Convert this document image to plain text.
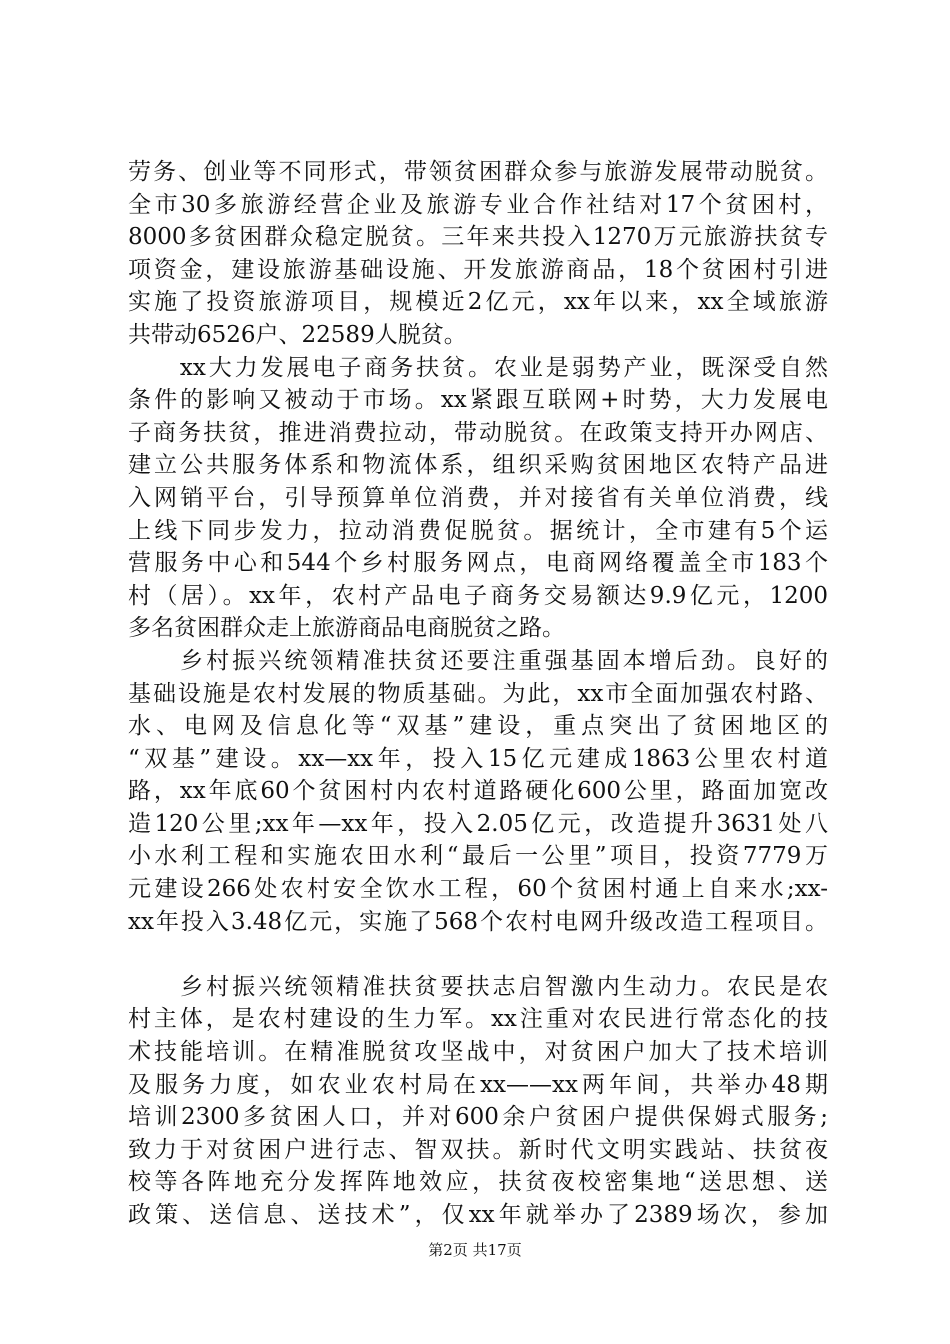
劳务、创业等不同形式，带领贫困群众参与旅游发展带动脱贫。
全市30多旅游经营企业及旅游专业合作社结对17个贫困村，
8000多贫困群众稳定脱贫。三年来共投入1270万元旅游扶贫专
项资金，建设旅游基础设施、开发旅游商品，18个贫困村引进
实施了投资旅游项目，规模近2亿元，xx年以来，xx全域旅游
共带动6526户、22589人脱贫。
　　xx大力发展电子商务扶贫。农业是弱势产业，既深受自然
条件的影响又被动于市场。xx紧跟互联网+时势，大力发展电
子商务扶贫，推进消费拉动，带动脱贫。在政策支持开办网店、
建立公共服务体系和物流体系，组织采购贫困地区农特产品进
入网销平台，引导预算单位消费，并对接省有关单位消费，线
上线下同步发力，拉动消费促脱贫。据统计，全市建有5个运
营服务中心和544个乡村服务网点，电商网络覆盖全市183个
村（居）。xx年，农村产品电子商务交易额达9.9亿元，1200
多名贫困群众走上旅游商品电商脱贫之路。
　　乡村振兴统领精准扶贫还要注重强基固本增后劲。良好的
基础设施是农村发展的物质基础。为此，xx市全面加强农村路、
水、电网及信息化等“双基”建设，重点突出了贫困地区的
“双基”建设。xx—xx年，投入15亿元建成1863公里农村道
路，xx年底60个贫困村内农村道路硬化600公里，路面加宽改
造120公里;xx年—xx年，投入2.05亿元，改造提升3631处八
小水利工程和实施农田水利“最后一公里”项目，投资7779万
元建设266处农村安全饮水工程，60个贫困村通上自来水;xx-
xx年投入3.48亿元，实施了568个农村电网升级改造工程项目。
　　乡村振兴统领精准扶贫要扶志启智激内生动力。农民是农
村主体，是农村建设的生力军。xx注重对农民进行常态化的技
术技能培训。在精准脱贫攻坚战中，对贫困户加大了技术培训
及服务力度，如农业农村局在xx——xx两年间，共举办48期
培训2300多贫困人口，并对600余户贫困户提供保姆式服务;
致力于对贫困户进行志、智双扶。新时代文明实践站、扶贫夜
校等各阵地充分发挥阵地效应，扶贫夜校密集地“送思想、送
政策、送信息、送技术”，仅xx年就举办了2389场次，参加
第2页 共17页
